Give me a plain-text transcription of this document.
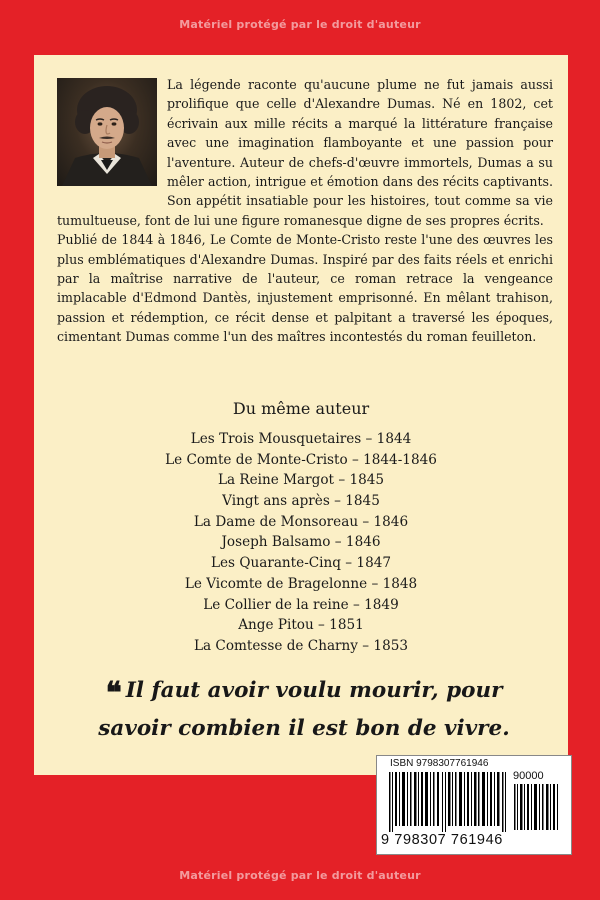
Matériel protégé par le droit d'auteur

La légende raconte qu'aucune plume ne fut jamais aussi prolifique que celle d'Alexandre Dumas. Né en 1802, cet écrivain aux mille récits a marqué la littérature française avec une imagination flamboyante et une passion pour l'aventure. Auteur de chefs-d'œuvre immortels, Dumas a su mêler action, intrigue et émotion dans des récits captivants. Son appétit insatiable pour les histoires, tout comme sa vie tumultueuse, font de lui une figure romanesque digne de ses propres écrits.

Publié de 1844 à 1846, Le Comte de Monte-Cristo reste l'une des œuvres les plus emblématiques d'Alexandre Dumas. Inspiré par des faits réels et enrichi par la maîtrise narrative de l'auteur, ce roman retrace la vengeance implacable d'Edmond Dantès, injustement emprisonné. En mêlant trahison, passion et rédemption, ce récit dense et palpitant a traversé les époques, cimentant Dumas comme l'un des maîtres incontestés du roman feuilleton.

Du même auteur
Les Trois Mousquetaires – 1844
Le Comte de Monte-Cristo – 1844-1846
La Reine Margot – 1845
Vingt ans après – 1845
La Dame de Monsoreau – 1846
Joseph Balsamo – 1846
Les Quarante-Cinq – 1847
Le Vicomte de Bragelonne – 1848
Le Collier de la reine – 1849
Ange Pitou – 1851
La Comtesse de Charny – 1853
❝ Il faut avoir voulu mourir, pour
savoir combien il est bon de vivre.
ISBN 9798307761946
90000
9 798307 761946
Matériel protégé par le droit d'auteur
